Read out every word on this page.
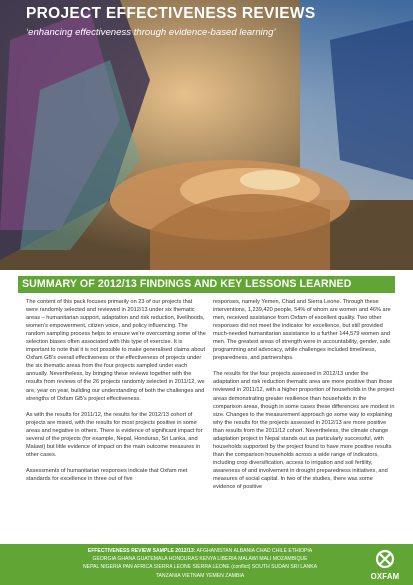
PROJECT EFFECTIVENESS REVIEWS

‘enhancing effectiveness through evidence-based learning’

SUMMARY OF 2012/13 FINDINGS AND KEY LESSONS LEARNED

The content of this pack focuses primarily on 23 of our projects that were randomly selected and reviewed in 2012/13 under six thematic areas – humanitarian support, adaptation and risk reduction, livelihoods, women's empowerment, citizen voice, and policy influencing. The random sampling process helps to ensure we're overcoming some of the selection biases often associated with this type of exercise. It is important to note that it is not possible to make generalised claims about Oxfam GB's overall effectiveness or the effectiveness of projects under the six thematic areas from the four projects sampled under each annually. Nevertheless, by bringing these reviews together with the results from reviews of the 26 projects randomly selected in 2011/12, we are, year on year, building our understanding of both the challenges and strengths of Oxfam GB's project effectiveness.

As with the results for 2011/12, the results for the 2012/13 cohort of projects are mixed, with the results for most projects positive in some areas and negative in others. There is evidence of significant impact for several of the projects (for example, Nepal, Honduras, Sri Lanka, and Malawi) but little evidence of impact on the main outcome measures in other cases.

Assessments of humanitarian responses indicate that Oxfam met standards for excellence in three out of five

responses, namely Yemen, Chad and Sierra Leone. Through these interventions, 1,239,420 people, 54% of whom are women and 46% are men, received assistance from Oxfam of excellent quality. Two other responses did not meet the indicator for excellence, but still provided much-needed humanitarian assistance to a further 144,579 women and men. The greatest areas of strength were in accountability, gender, safe programming and advocacy, while challenges included timeliness, preparedness, and partnerships.

The results for the four projects assessed in 2012/13 under the adaptation and risk reduction thematic area are more positive than those reviewed in 2011/12, with a higher proportion of households in the project areas demonstrating greater resilience than households in the comparison areas, though in some cases these differences are modest in size. Changes to the measurement approach go some way to explaining why the results for the projects assessed in 2012/13 are more positive than results from the 2011/12 cohort. Nevertheless, the climate change adaptation project in Nepal stands out as particularly successful, with households supported by the project found to have more positive results than the comparison households across a wide range of indicators, including crop diversification, access to irrigation and soil fertility, awareness of and involvement in drought preparedness initiatives, and measures of social capital. In two of the studies, there was some evidence of positive

EFFECTIVENESS REVIEW SAMPLE 2012/13: AFGHANISTAN ALBANIA CHAD CHILE ETHIOPIA
GEORGIA GHANA GUATEMALA HONDURAS KENYA LIBERIA MALAWI MALI MOZAMBIQUE
NEPAL NIGERIA PAN AFRICA SIERRA LEONE SIERRA LEONE (conflict) SOUTH SUDAN SRI LANKA
TANZANIA VIETNAM YEMEN ZAMBIA	OXFAM
